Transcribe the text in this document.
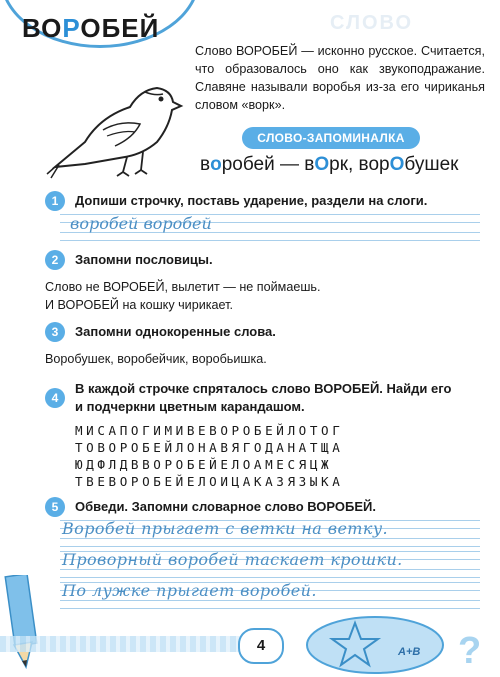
ВОРОБЕЙ	СЛОВО
Слово ВОРОБЕЙ — исконно русское. Считается, что образовалось оно как звукоподражание. Славяне называли воробья из-за его чириканья словом «ворк».
СЛОВО-ЗАПОМИНАЛКА
воробей — вОрк, ворОбушек
1	Допиши строчку, поставь ударение, раздели на слоги.
воробей воробей
2	Запомни пословицы.
Слово не ВОРОБЕЙ, вылетит — не поймаешь.
И ВОРОБЕЙ на кошку чирикает.
3	Запомни однокоренные слова.
Воробушек, воробейчик, воробьишка.
4
В каждой строчке спряталось слово ВОРОБЕЙ. Найди его
и подчеркни цветным карандашом.
МИСАПОГИМИВЕВОРОБЕЙЛОТОГ
ТОВОРОБЕЙЛОНАВЯГОДАНАТЩА
ЮДФЛДВВОРОБЕЙЕЛОАМЕСЯЦЖ
ТВЕВОРОБЕЙЕЛОИЦАКАЗЯЗЫКА
5	Обведи. Запомни словарное слово ВОРОБЕЙ.
Воробей прыгает с ветки на ветку.
Проворный воробей таскает крошки.
По лужке прыгает воробей.
4	А+В ?
